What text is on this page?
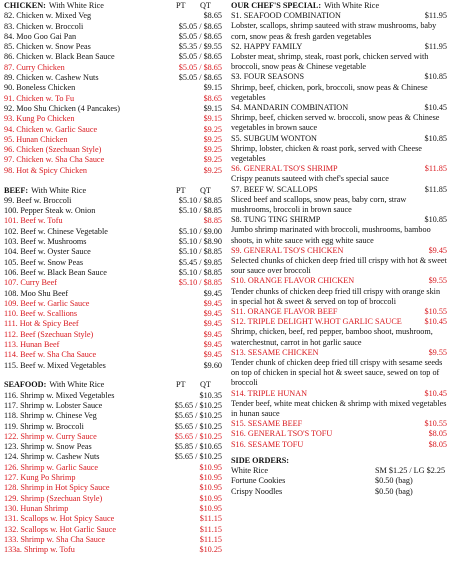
CHICKEN: With White Rice	PT	QT
82. Chicken w. Mixed Veg	$8.65
83. Chicken w. Broccoli	$5.05 / $8.65
84. Moo Goo Gai Pan	$5.05 / $8.65
85. Chicken w. Snow Peas	$5.35 / $9.55
86. Chicken w. Black Bean Sauce	$5.05 / $8.65
87. Curry Chicken	$5.05 / $8.65
89. Chicken w. Cashew Nuts	$5.05 / $8.65
90. Boneless Chicken	$9.15
91. Chicken w. To Fu	$8.65
92. Moo Shu Chicken (4 Pancakes)	$9.15
93. Kung Po Chicken	$9.15
94. Chicken w. Garlic Sauce	$9.25
95. Hunan Chicken	$9.25
96. Chicken (Szechuan Style)	$9.25
97. Chicken w. Sha Cha Sauce	$9.25
98. Hot & Spicy Chicken	$9.25
BEEF: With White Rice	PT	QT
99. Beef w. Broccoli	$5.10 / $8.85
100. Pepper Steak w. Onion	$5.10 / $8.85
101. Beef w. Tofu	$8.85
102. Beef w. Chinese Vegetable	$5.10 / $9.00
103. Beef w. Mushrooms	$5.10 / $8.90
104. Beef w. Oyster Sauce	$5.10 / $8.85
105. Beef w. Snow Peas	$5.45 / $9.85
106. Beef w. Black Bean Sauce	$5.10 / $8.85
107. Curry Beef	$5.10 / $8.85
108. Moo Shu Beef	$9.45
109. Beef w. Garlic Sauce	$9.45
110. Beef w. Scallions	$9.45
111. Hot & Spicy Beef	$9.45
112. Beef (Szechuan Style)	$9.45
113. Hunan Beef	$9.45
114. Beef w. Sha Cha Sauce	$9.45
115. Beef w. Mixed Vegetables	$9.60
SEAFOOD: With White Rice	PT	QT
116. Shrimp w. Mixed Vegetables	$10.35
117. Shrimp w. Lobster Sauce	$5.65 / $10.25
118. Shrimp w. Chinese Veg	$5.65 / $10.25
119. Shrimp w. Broccoli	$5.65 / $10.25
122. Shrimp w. Curry Sauce	$5.65 / $10.25
123. Shrimp w. Snow Peas	$5.85 / $10.65
124. Shrimp w. Cashew Nuts	$5.65 / $10.25
126. Shrimp w. Garlic Sauce	$10.95
127. Kung Po Shrimp	$10.95
128. Shrimp in Hot Spicy Sauce	$10.95
129. Shrimp (Szechuan Style)	$10.95
130. Hunan Shrimp	$10.95
131. Scallops w. Hot Spicy Sauce	$11.15
132. Scallops w. Hot Garlic Sauce	$11.15
133. Shrimp w. Sha Cha Sauce	$11.15
133a. Shrimp w. Tofu	$10.25
OUR CHEF'S SPECIAL: With White Rice
S1. SEAFOOD COMBINATION	$11.95
Lobster, scallops, shrimp sauteed with straw mushrooms, baby corn, snow peas & fresh garden vegetables
S2. HAPPY FAMILY	$11.95
Lobster meat, shrimp, steak, roast pork, chicken served with broccoli, snow peas & Chinese vegetable
S3. FOUR SEASONS	$10.85
Shrimp, beef, chicken, pork, broccoli, snow peas & Chinese vegetables
S4. MANDARIN COMBINATION	$10.45
Shrimp, beef, chicken served w. broccoli, snow peas & Chinese vegetables in brown sauce
S5. SUBGUM WONTON	$10.85
Shrimp, lobster, chicken & roast pork, served with Cheese vegetables
S6. GENERAL TSO'S SHRIMP	$11.85
Crispy peanuts sauteed with chef's special sauce
S7. BEEF W. SCALLOPS	$11.85
Sliced beef and scallops, snow peas, baby corn, straw mushrooms, broccoli in brown sauce
S8. TUNG TING SHIRMP	$10.85
Jumbo shrimp marinated with broccoli, mushrooms, bamboo shoots, in white sauce with egg white sauce
S9. GENERAL TSO'S CHICKEN	$9.45
Selected chunks of chicken deep fried till crispy with hot & sweet sour sauce over broccoli
S10. ORANGE FLAVOR CHICKEN	$9.55
Tender chunks of chicken deep fried till crispy with orange skin in special hot & sweet & served on top of broccoli
S11. ORANGE FLAVOR BEEF	$10.55
S12. TRIPLE DELIGHT W.HOT GARLIC SAUCE	$10.45
Shrimp, chicken, beef, red pepper, bamboo shoot, mushroom, waterchestnut, carrot in hot garlic sauce
S13. SESAME CHICKEN	$9.55
Tender chunk of chicken deep fried till crispy with sesame seeds on top of chicken in special hot & sweet sauce, sewed on top of broccoli
S14. TRIPLE HUNAN	$10.45
Tender beef, white meat chicken & shrimp with mixed vegetables in hunan sauce
S15. SESAME BEEF	$10.55
S16. GENERAL TSO'S TOFU	$8.05
S16. SESAME TOFU	$8.05
SIDE ORDERS:
White Rice	SM $1.25 / LG $2.25
Fortune Cookies	$0.50 (bag)
Crispy Noodles	$0.50 (bag)
